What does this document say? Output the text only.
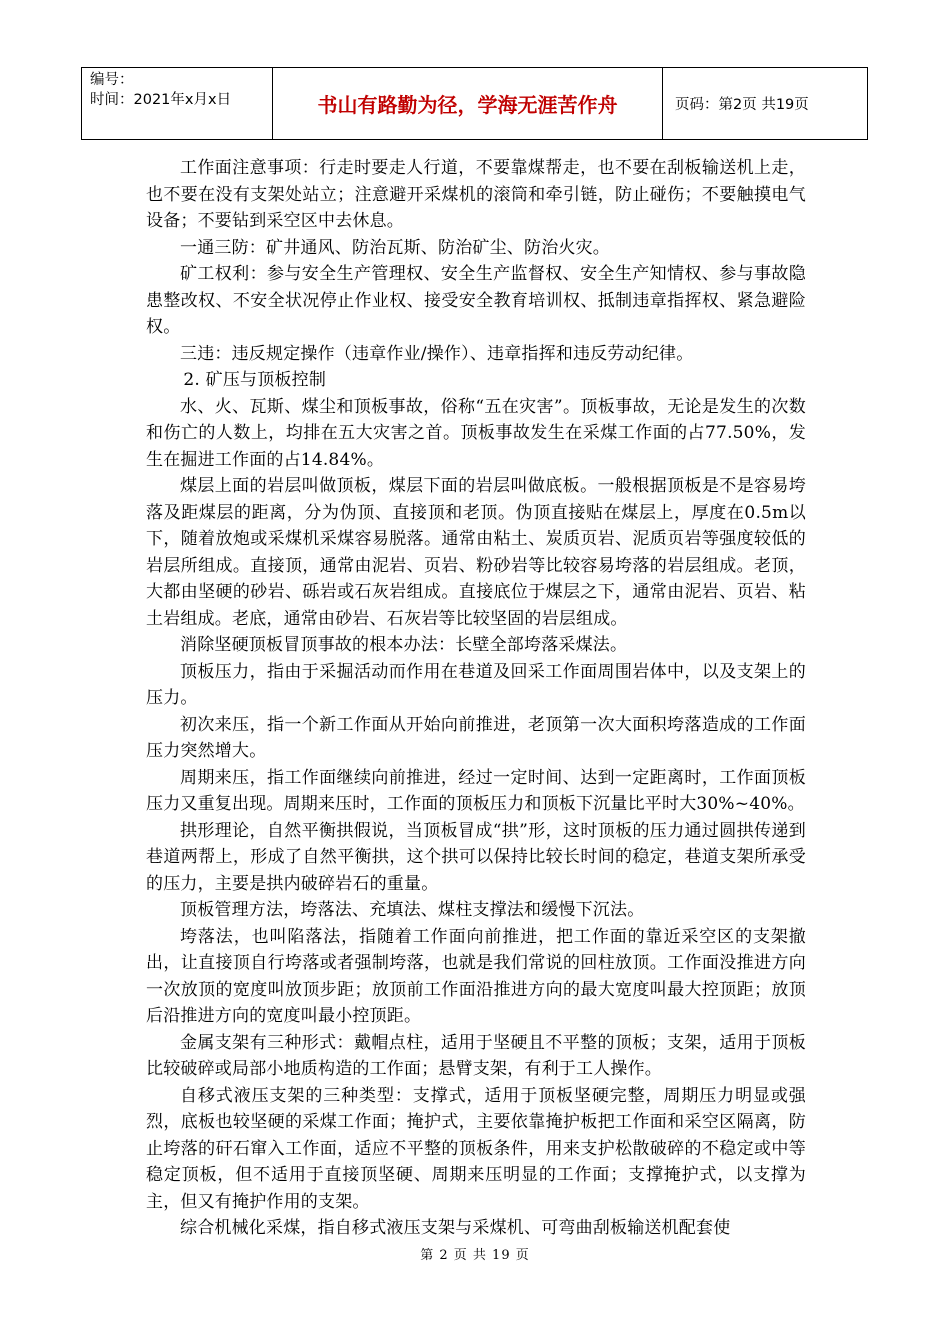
编号：
时间：2021年x月x日	书山有路勤为径，学海无涯苦作舟	页码：第2页 共19页

工作面注意事项：行走时要走人行道，不要靠煤帮走，也不要在刮板输送机上走，也不要在没有支架处站立；注意避开采煤机的滚筒和牵引链，防止碰伤；不要触摸电气设备；不要钻到采空区中去休息。

一通三防：矿井通风、防治瓦斯、防治矿尘、防治火灾。

矿工权利：参与安全生产管理权、安全生产监督权、安全生产知情权、参与事故隐患整改权、不安全状况停止作业权、接受安全教育培训权、抵制违章指挥权、紧急避险权。

三违：违反规定操作（违章作业/操作）、违章指挥和违反劳动纪律。

2. 矿压与顶板控制

水、火、瓦斯、煤尘和顶板事故，俗称“五在灾害”。顶板事故，无论是发生的次数和伤亡的人数上，均排在五大灾害之首。顶板事故发生在采煤工作面的占77.50%，发生在掘进工作面的占14.84%。

煤层上面的岩层叫做顶板，煤层下面的岩层叫做底板。一般根据顶板是不是容易垮落及距煤层的距离，分为伪顶、直接顶和老顶。伪顶直接贴在煤层上，厚度在0.5m以下，随着放炮或采煤机采煤容易脱落。通常由粘土、炭质页岩、泥质页岩等强度较低的岩层所组成。直接顶，通常由泥岩、页岩、粉砂岩等比较容易垮落的岩层组成。老顶，大都由坚硬的砂岩、砾岩或石灰岩组成。直接底位于煤层之下，通常由泥岩、页岩、粘土岩组成。老底，通常由砂岩、石灰岩等比较坚固的岩层组成。

消除坚硬顶板冒顶事故的根本办法：长壁全部垮落采煤法。

顶板压力，指由于采掘活动而作用在巷道及回采工作面周围岩体中，以及支架上的压力。

初次来压，指一个新工作面从开始向前推进，老顶第一次大面积垮落造成的工作面压力突然增大。

周期来压，指工作面继续向前推进，经过一定时间、达到一定距离时，工作面顶板压力又重复出现。周期来压时，工作面的顶板压力和顶板下沉量比平时大30%~40%。

拱形理论，自然平衡拱假说，当顶板冒成“拱”形，这时顶板的压力通过圆拱传递到巷道两帮上，形成了自然平衡拱，这个拱可以保持比较长时间的稳定，巷道支架所承受的压力，主要是拱内破碎岩石的重量。

顶板管理方法，垮落法、充填法、煤柱支撑法和缓慢下沉法。

垮落法，也叫陷落法，指随着工作面向前推进，把工作面的靠近采空区的支架撤出，让直接顶自行垮落或者强制垮落，也就是我们常说的回柱放顶。工作面没推进方向一次放顶的宽度叫放顶步距；放顶前工作面沿推进方向的最大宽度叫最大控顶距；放顶后沿推进方向的宽度叫最小控顶距。

金属支架有三种形式：戴帽点柱，适用于坚硬且不平整的顶板；支架，适用于顶板比较破碎或局部小地质构造的工作面；悬臂支架，有利于工人操作。

自移式液压支架的三种类型：支撑式，适用于顶板坚硬完整，周期压力明显或强烈，底板也较坚硬的采煤工作面；掩护式，主要依靠掩护板把工作面和采空区隔离，防止垮落的矸石窜入工作面，适应不平整的顶板条件，用来支护松散破碎的不稳定或中等稳定顶板，但不适用于直接顶坚硬、周期来压明显的工作面；支撑掩护式，以支撑为主，但又有掩护作用的支架。

综合机械化采煤，指自移式液压支架与采煤机、可弯曲刮板输送机配套使

第 2 页 共 19 页
